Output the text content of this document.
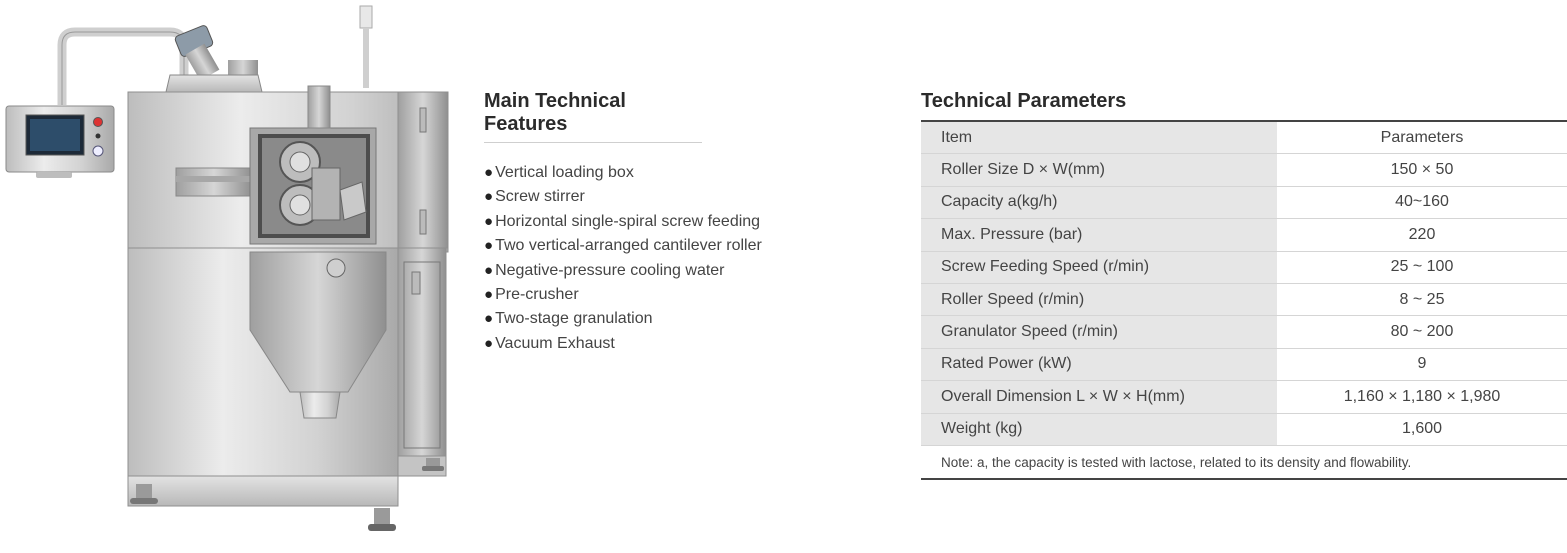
Main Technical Features
● Vertical loading box
● Screw stirrer
● Horizontal single-spiral screw feeding
● Two vertical-arranged cantilever roller
● Negative-pressure cooling water
● Pre-crusher
● Two-stage granulation
● Vacuum Exhaust
Technical Parameters
Item	Parameters
Roller Size D × W(mm)	150 × 50
Capacity a(kg/h)	40~160
Max. Pressure (bar)	220
Screw Feeding Speed (r/min)	25 ~ 100
Roller Speed (r/min)	8 ~ 25
Granulator Speed (r/min)	80 ~ 200
Rated Power (kW)	9
Overall Dimension L × W × H(mm)	1,160 × 1,180 × 1,980
Weight (kg)	1,600
Note: a, the capacity is tested with lactose, related to its density and flowability.
